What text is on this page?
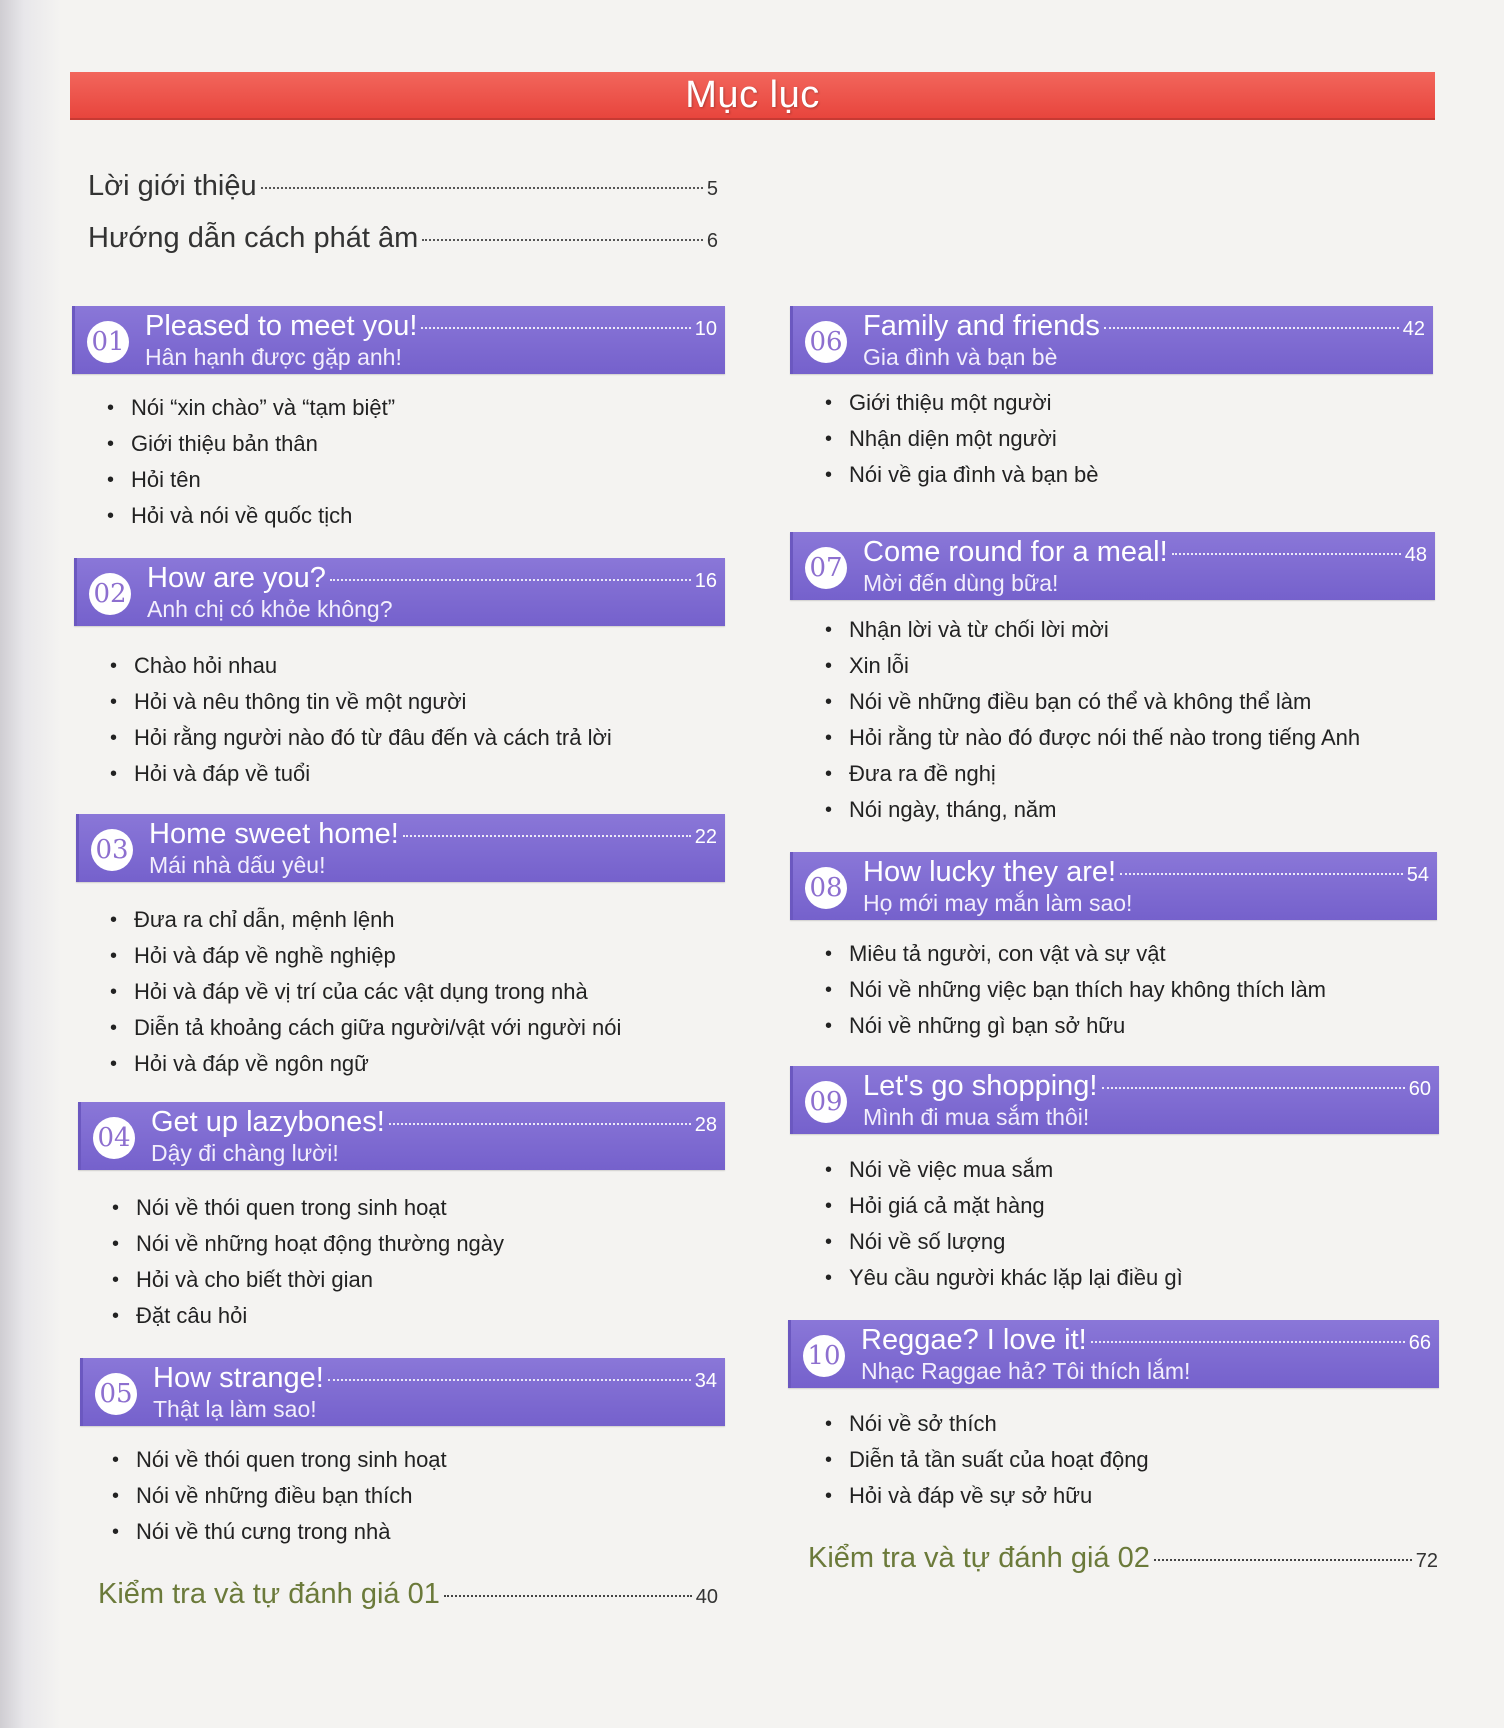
Mục lục
Lời giới thiệu	5
Hướng dẫn cách phát âm	6
01 Pleased to meet you!	10
Hân hạnh được gặp anh!
• Nói “xin chào” và “tạm biệt”
• Giới thiệu bản thân
• Hỏi tên
• Hỏi và nói về quốc tịch
02 How are you?	16
Anh chị có khỏe không?
• Chào hỏi nhau
• Hỏi và nêu thông tin về một người
• Hỏi rằng người nào đó từ đâu đến và cách trả lời
• Hỏi và đáp về tuổi
03 Home sweet home!	22
Mái nhà dấu yêu!
• Đưa ra chỉ dẫn, mệnh lệnh
• Hỏi và đáp về nghề nghiệp
• Hỏi và đáp về vị trí của các vật dụng trong nhà
• Diễn tả khoảng cách giữa người/vật với người nói
• Hỏi và đáp về ngôn ngữ
04 Get up lazybones!	28
Dậy đi chàng lười!
• Nói về thói quen trong sinh hoạt
• Nói về những hoạt động thường ngày
• Hỏi và cho biết thời gian
• Đặt câu hỏi
05 How strange!	34
Thật lạ làm sao!
• Nói về thói quen trong sinh hoạt
• Nói về những điều bạn thích
• Nói về thú cưng trong nhà
Kiểm tra và tự đánh giá 01	40
06 Family and friends	42
Gia đình và bạn bè
• Giới thiệu một người
• Nhận diện một người
• Nói về gia đình và bạn bè
07 Come round for a meal!	48
Mời đến dùng bữa!
• Nhận lời và từ chối lời mời
• Xin lỗi
• Nói về những điều bạn có thể và không thể làm
• Hỏi rằng từ nào đó được nói thế nào trong tiếng Anh
• Đưa ra đề nghị
• Nói ngày, tháng, năm
08 How lucky they are!	54
Họ mới may mắn làm sao!
• Miêu tả người, con vật và sự vật
• Nói về những việc bạn thích hay không thích làm
• Nói về những gì bạn sở hữu
09 Let's go shopping!	60
Mình đi mua sắm thôi!
• Nói về việc mua sắm
• Hỏi giá cả mặt hàng
• Nói về số lượng
• Yêu cầu người khác lặp lại điều gì
10 Reggae? I love it!	66
Nhạc Raggae hả? Tôi thích lắm!
• Nói về sở thích
• Diễn tả tần suất của hoạt động
• Hỏi và đáp về sự sở hữu
Kiểm tra và tự đánh giá 02	72
